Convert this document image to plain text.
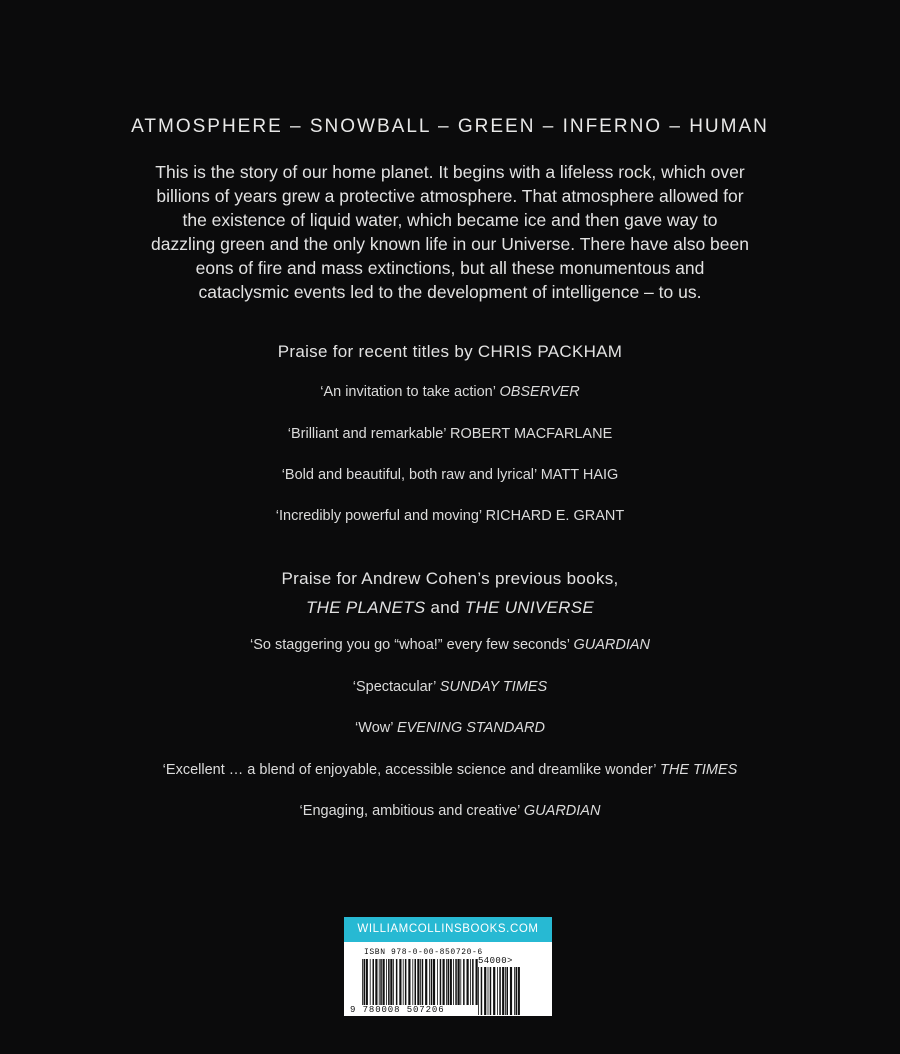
ATMOSPHERE – SNOWBALL – GREEN – INFERNO – HUMAN
This is the story of our home planet. It begins with a lifeless rock, which over billions of years grew a protective atmosphere. That atmosphere allowed for the existence of liquid water, which became ice and then gave way to dazzling green and the only known life in our Universe. There have also been eons of fire and mass extinctions, but all these monumentous and cataclysmic events led to the development of intelligence – to us.
Praise for recent titles by CHRIS PACKHAM
‘An invitation to take action’ OBSERVER
‘Brilliant and remarkable’ ROBERT MACFARLANE
‘Bold and beautiful, both raw and lyrical’ MATT HAIG
‘Incredibly powerful and moving’ RICHARD E. GRANT
Praise for Andrew Cohen’s previous books,
THE PLANETS and THE UNIVERSE
‘So staggering you go “whoa!” every few seconds’ GUARDIAN
‘Spectacular’ SUNDAY TIMES
‘Wow’ EVENING STANDARD
‘Excellent … a blend of enjoyable, accessible science and dreamlike wonder’ THE TIMES
‘Engaging, ambitious and creative’ GUARDIAN
WILLIAMCOLLINSBOOKS.COM
ISBN 978-0-00-850720-6
54000>
9 780008 507206
